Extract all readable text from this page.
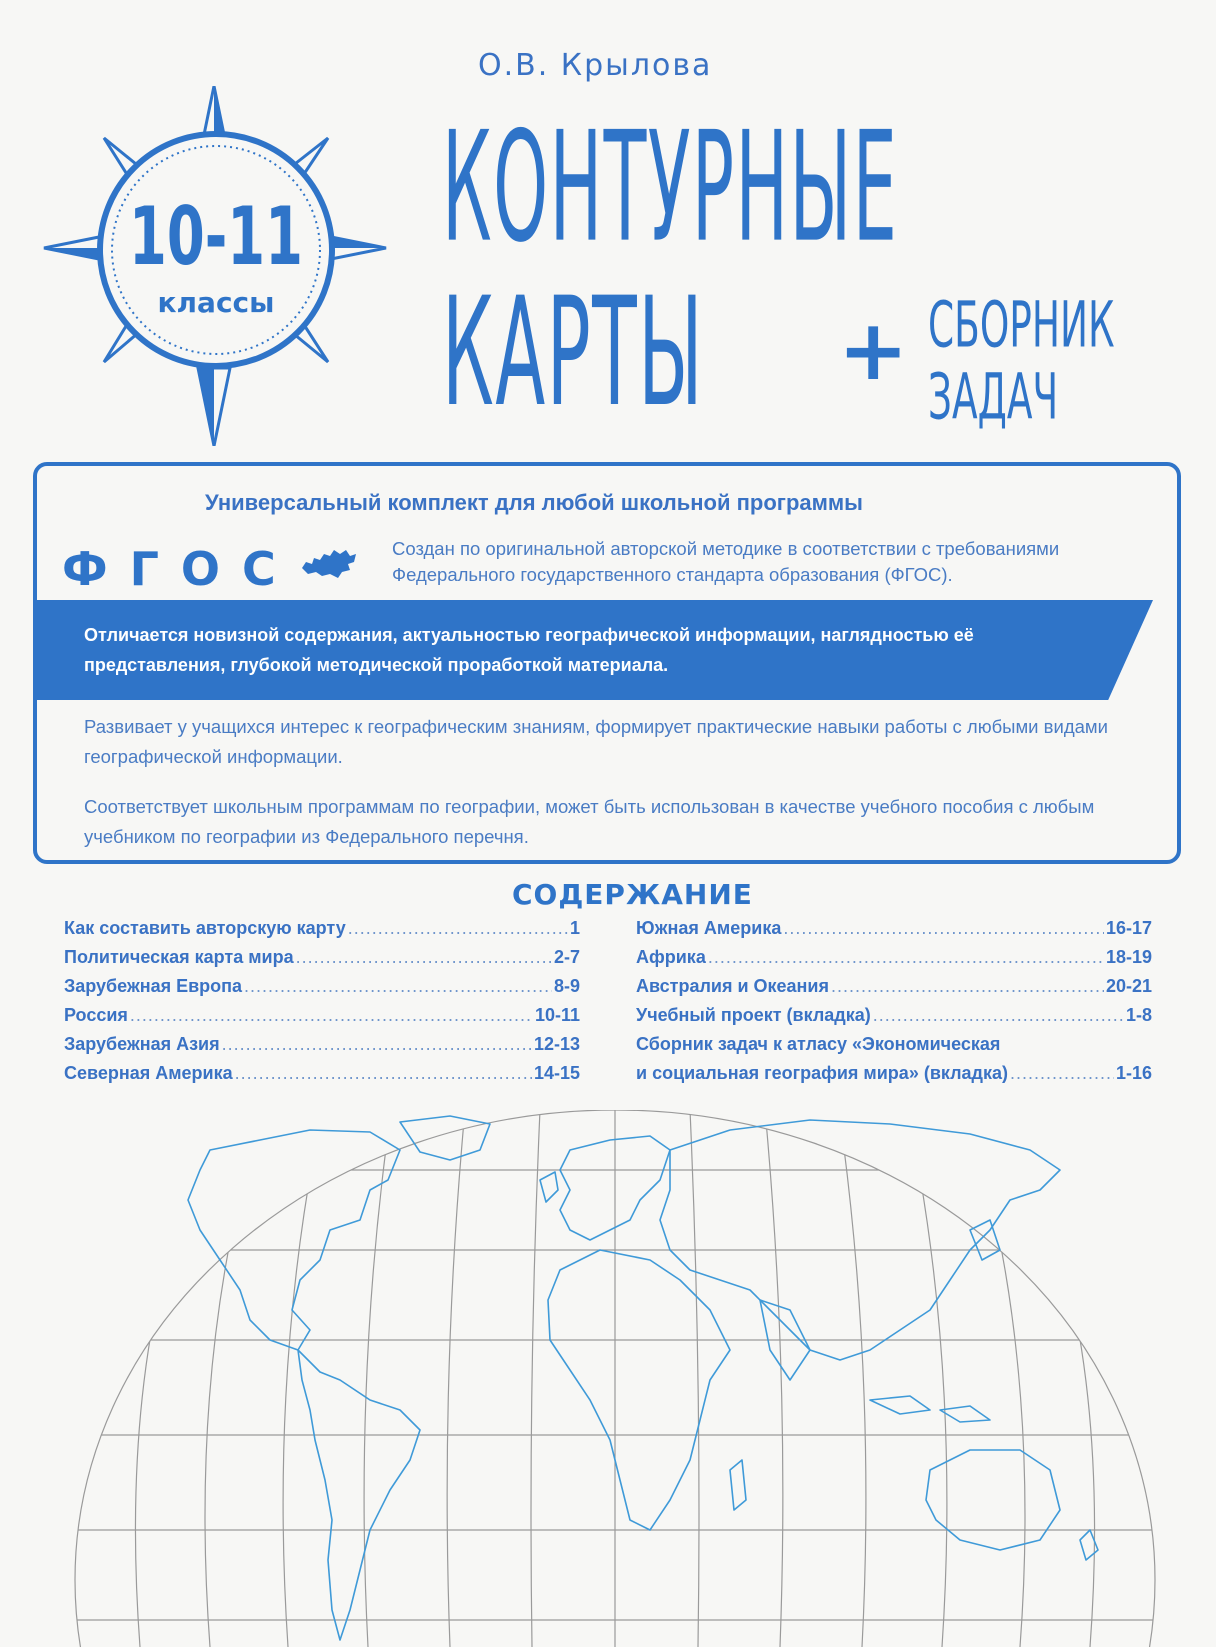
О.В. Крылова
10-11
классы
КОНТУРНЫЕ
КАРТЫ + СБОРНИК
ЗАДАЧ
Универсальный комплект для любой школьной программы
ФГОС	Создан по оригинальной авторской методике в соответствии с требованиями Федерального государственного стандарта образования (ФГОС).
Отличается новизной содержания, актуальностью географической информации, наглядностью её представления, глубокой методической проработкой материала.
Развивает у учащихся интерес к географическим знаниям, формирует практические навыки работы с любыми видами географической информации.
Соответствует школьным программам по географии, может быть использован в качестве учебного пособия с любым учебником по географии из Федерального перечня.
СОДЕРЖАНИЕ
Как составить авторскую карту .....	1
Политическая карта мира .....	2-7
Зарубежная Европа .....	8-9
Россия .....	10-11
Зарубежная Азия .....	12-13
Северная Америка .....	14-15
Южная Америка .....	16-17
Африка .....	18-19
Австралия и Океания .....	20-21
Учебный проект (вкладка) .....	1-8
Сборник задач к атласу «Экономическая
и социальная география мира» (вкладка) .....	1-16
